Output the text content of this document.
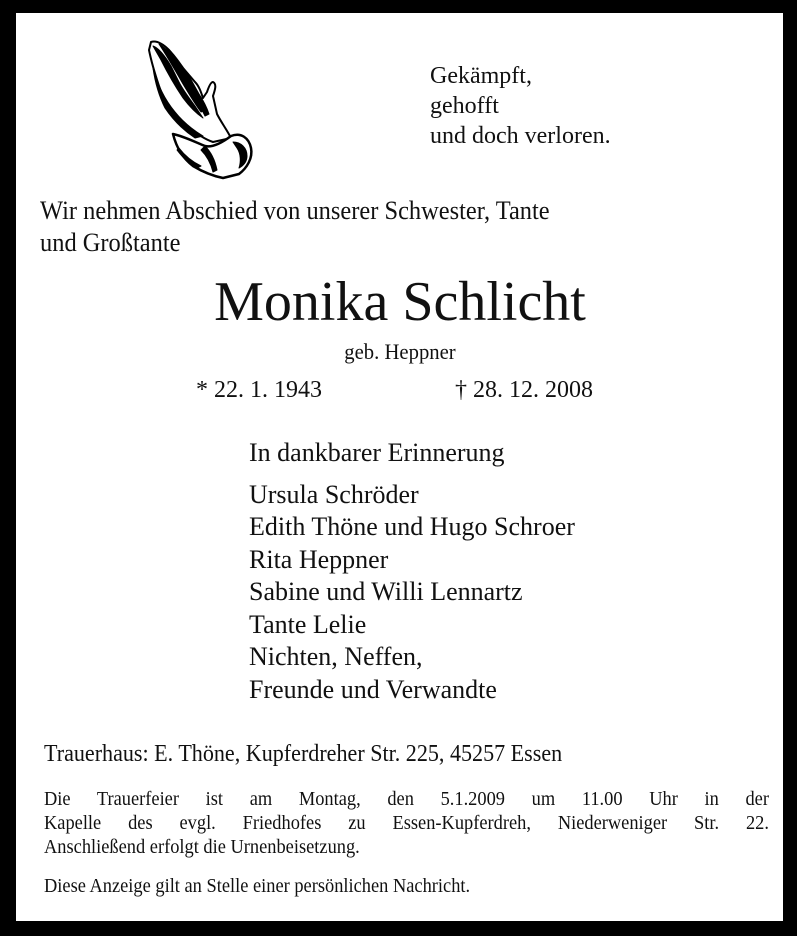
Gekämpft,
gehofft
und doch verloren.
Wir nehmen Abschied von unserer Schwester, Tante
und Großtante
Monika Schlicht
geb. Heppner
* 22. 1. 1943	† 28. 12. 2008
In dankbarer Erinnerung
Ursula Schröder
Edith Thöne und Hugo Schroer
Rita Heppner
Sabine und Willi Lennartz
Tante Lelie
Nichten, Neffen,
Freunde und Verwandte
Trauerhaus: E. Thöne, Kupferdreher Str. 225, 45257 Essen
Die Trauerfeier ist am Montag, den 5.1.2009 um 11.00 Uhr in der
Kapelle des evgl. Friedhofes zu Essen-Kupferdreh, Niederweniger Str. 22.
Anschließend erfolgt die Urnenbeisetzung.
Diese Anzeige gilt an Stelle einer persönlichen Nachricht.
